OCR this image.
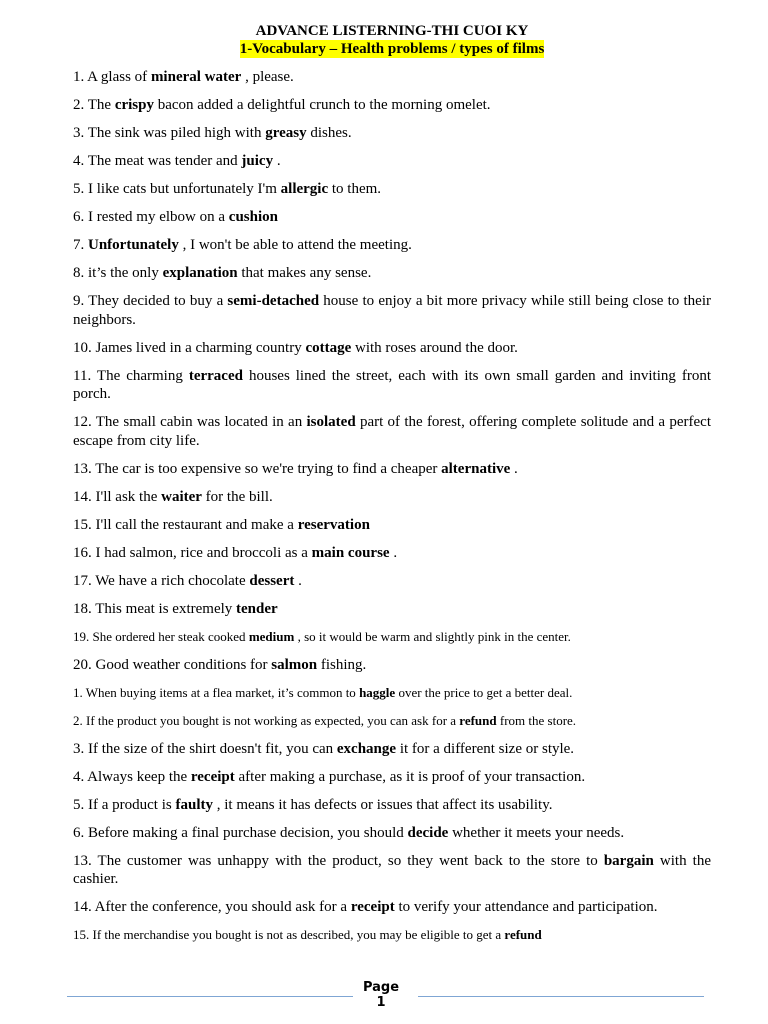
ADVANCE LISTERNING-THI CUOI KY
1-Vocabulary – Health problems / types of films
1. A glass of mineral water , please.
2. The crispy bacon added a delightful crunch to the morning omelet.
3. The sink was piled high with greasy dishes.
4. The meat was tender and juicy .
5. I like cats but unfortunately I'm allergic to them.
6. I rested my elbow on a cushion
7. Unfortunately , I won't be able to attend the meeting.
8. it’s the only explanation that makes any sense.
9. They decided to buy a semi-detached house to enjoy a bit more privacy while still being close to their neighbors.
10. James lived in a charming country cottage with roses around the door.
11. The charming terraced houses lined the street, each with its own small garden and inviting front porch.
12. The small cabin was located in an isolated part of the forest, offering complete solitude and a perfect escape from city life.
13. The car is too expensive so we're trying to find a cheaper alternative .
14. I'll ask the waiter for the bill.
15. I'll call the restaurant and make a reservation
16. I had salmon, rice and broccoli as a main course .
17. We have a rich chocolate dessert .
18. This meat is extremely tender
19. She ordered her steak cooked medium , so it would be warm and slightly pink in the center.
20. Good weather conditions for salmon fishing.
1. When buying items at a flea market, it’s common to haggle over the price to get a better deal.
2. If the product you bought is not working as expected, you can ask for a refund from the store.
3. If the size of the shirt doesn't fit, you can exchange it for a different size or style.
4. Always keep the receipt after making a purchase, as it is proof of your transaction.
5. If a product is faulty , it means it has defects or issues that affect its usability.
6. Before making a final purchase decision, you should decide whether it meets your needs.
13. The customer was unhappy with the product, so they went back to the store to bargain with the cashier.
14. After the conference, you should ask for a receipt to verify your attendance and participation.
15. If the merchandise you bought is not as described, you may be eligible to get a refund
Page
1
